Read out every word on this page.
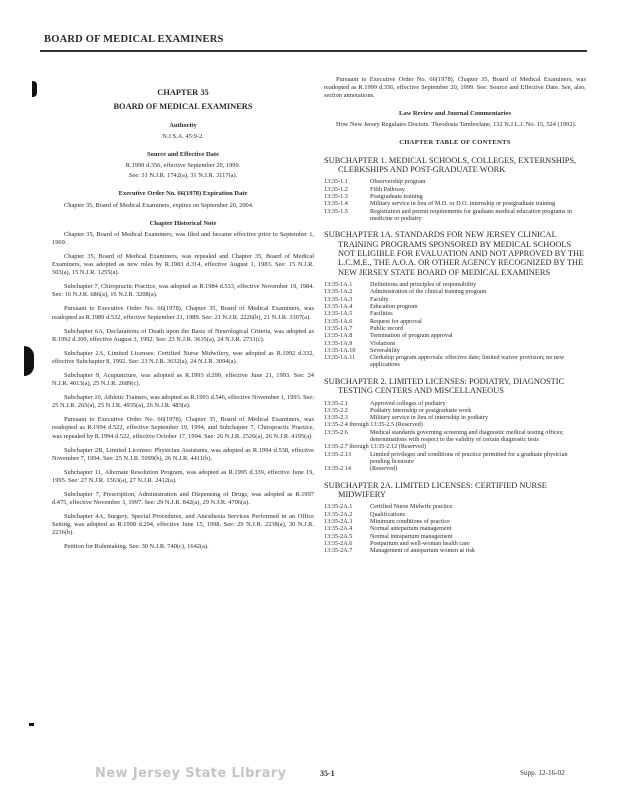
BOARD OF MEDICAL EXAMINERS
CHAPTER 35
BOARD OF MEDICAL EXAMINERS
Authority

N.J.S.A. 45:9-2.

Source and Effective Date

R.1999 d.356, effective September 20, 1999.

See: 31 N.J.R. 1742(a), 31 N.J.R. 3117(a).

Executive Order No. 66(1978) Expiration Date

Chapter 35, Board of Medical Examiners, expires on September 20, 2004.

Chapter Historical Note

Chapter 35, Board of Medical Examiners, was filed and became effective prior to September 1, 1969.

Chapter 35, Board of Medical Examiners, was repealed and Chapter 35, Board of Medical Examiners, was adopted as new rules by R.1983 d.314, effective August 1, 1983. See: 15 N.J.R. 503(a), 15 N.J.R. 1255(a).

Subchapter 7, Chiropractic Practice, was adopted as R.1984 d.533, effective November 19, 1984. See: 16 N.J.R. 686(a), 16 N.J.R. 3208(a).

Pursuant to Executive Order No. 66(1978), Chapter 35, Board of Medical Examiners, was readopted as R.1989 d.532, effective September 21, 1989. See: 21 N.J.R. 2226(b), 21 N.J.R. 3307(a).

Subchapter 6A, Declarations of Death upon the Basis of Neurological Criteria, was adopted as R.1992 d.309, effective August 3, 1992. See: 23 N.J.R. 3635(a), 24 N.J.R. 2731(c).

Subchapter 2A, Limited Licenses: Certified Nurse Midwifery, was adopted as R.1992 d.332, effective Subchapter 8, 1992. See: 23 N.J.R. 3632(a), 24 N.J.R. 3094(a).

Subchapter 9, Acupuncture, was adopted as R.1993 d.299, effective June 21, 1993. See: 24 N.J.R. 4013(a), 25 N.J.R. 2689(c).

Subchapter 10, Athletic Trainers, was adopted as R.1993 d.546, effective November 1, 1993. See: 25 N.J.R. 265(a), 25 N.J.R. 4935(a), 26 N.J.R. 483(a).

Pursuant to Executive Order No. 66(1978), Chapter 35, Board of Medical Examiners, was readopted as R.1994 d.522, effective September 19, 1994, and Subchapter 7, Chiropractic Practice, was repealed by R.1994 d.522, effective October 17, 1994. See: 26 N.J.R. 2526(a), 26 N.J.R. 4195(a).

Subchapter 2B, Limited Licenses: Physician Assistants, was adopted as R.1994 d.538, effective November 7, 1994. See: 25 N.J.R. 5099(b), 26 N.J.R. 4411(b).

Subchapter 11, Alternate Resolution Program, was adopted as R.1995 d.339, effective June 19, 1995. See: 27 N.J.R. 1363(a), 27 N.J.R. 2412(a).

Subchapter 7, Prescription, Administration and Dispensing of Drugs, was adopted as R.1997 d.475, effective November 3, 1997. See: 29 N.J.R. 842(a), 29 N.J.R. 4706(a).

Subchapter 4A, Surgery, Special Procedures, and Anesthesia Services Performed in an Office Setting, was adopted as R.1998 d.294, effective June 15, 1998. See: 29 N.J.R. 2238(a), 30 N.J.R. 2236(b).

Petition for Rulemaking. See: 30 N.J.R. 740(c), 1642(a).

Pursuant to Executive Order No. 66(1978), Chapter 35, Board of Medical Examiners, was readopted as R.1999 d.356, effective September 20, 1999. See: Source and Effective Date. See, also, section annotations.

Law Review and Journal Commentaries

How New Jersey Regulates Doctors. Theodosia Tamborlane, 132 N.J.L.J. No. 15, 524 (1992).

CHAPTER TABLE OF CONTENTS
SUBCHAPTER 1. MEDICAL SCHOOLS, COLLEGES, EXTERNSHIPS, CLERKSHIPS AND POST-GRADUATE WORK
13:35-1.1	Observership program
13:35-1.2	Fifth Pathway
13:35-1.3	Postgraduate training
13:35-1.4	Military service in lieu of M.D. or D.O. internship or postgraduate training
13:35-1.5	Registration and permit requirements for graduate medical education programs in medicine or podiatry
SUBCHAPTER 1A. STANDARDS FOR NEW JERSEY CLINICAL TRAINING PROGRAMS SPONSORED BY MEDICAL SCHOOLS NOT ELIGIBLE FOR EVALUATION AND NOT APPROVED BY THE L.C.M.E., THE A.O.A. OR OTHER AGENCY RECOGNIZED BY THE NEW JERSEY STATE BOARD OF MEDICAL EXAMINERS
13:35-1A.1	Definitions and principles of responsibility
13:35-1A.2	Administration of the clinical training program
13:35-1A.3	Faculty
13:35-1A.4	Education program
13:35-1A.5	Facilities
13:35-1A.6	Request for approval
13:35-1A.7	Public record
13:35-1A.8	Termination of program approval
13:35-1A.9	Violations
13:35-1A.10	Severability
13:35-1A.11	Clerkship program approvals: effective date; limited waiver provision; no new applications
SUBCHAPTER 2. LIMITED LICENSES: PODIATRY, DIAGNOSTIC TESTING CENTERS AND MISCELLANEOUS
13:35-2.1	Approved colleges of podiatry
13:35-2.2	Podiatry internship or postgraduate work
13:35-2.3	Military service in lieu of internship in podiatry
13:35-2.4 through 13:35-2.5 (Reserved)
13:35-2.6	Medical standards governing screening and diagnostic medical testing offices; determinations with respect to the validity of certain diagnostic tests
13:35-2.7 through 13:35-2.12 (Reserved)
13:35-2.13	Limited privileges and conditions of practice permitted for a graduate physician pending licensure
13:35-2.14	(Reserved)
SUBCHAPTER 2A. LIMITED LICENSES: CERTIFIED NURSE MIDWIFERY
13:35-2A.1	Certified Nurse Midwife practice
13:35-2A.2	Qualifications
13:35-2A.3	Minimum conditions of practice
13:35-2A.4	Normal antepartum management
13:35-2A.5	Normal intrapartum management
13:35-2A.6	Postpartum and well-woman health care
13:35-2A.7	Management of antepartum women at risk
New Jersey State Library	35-1	Supp. 12-16-02
